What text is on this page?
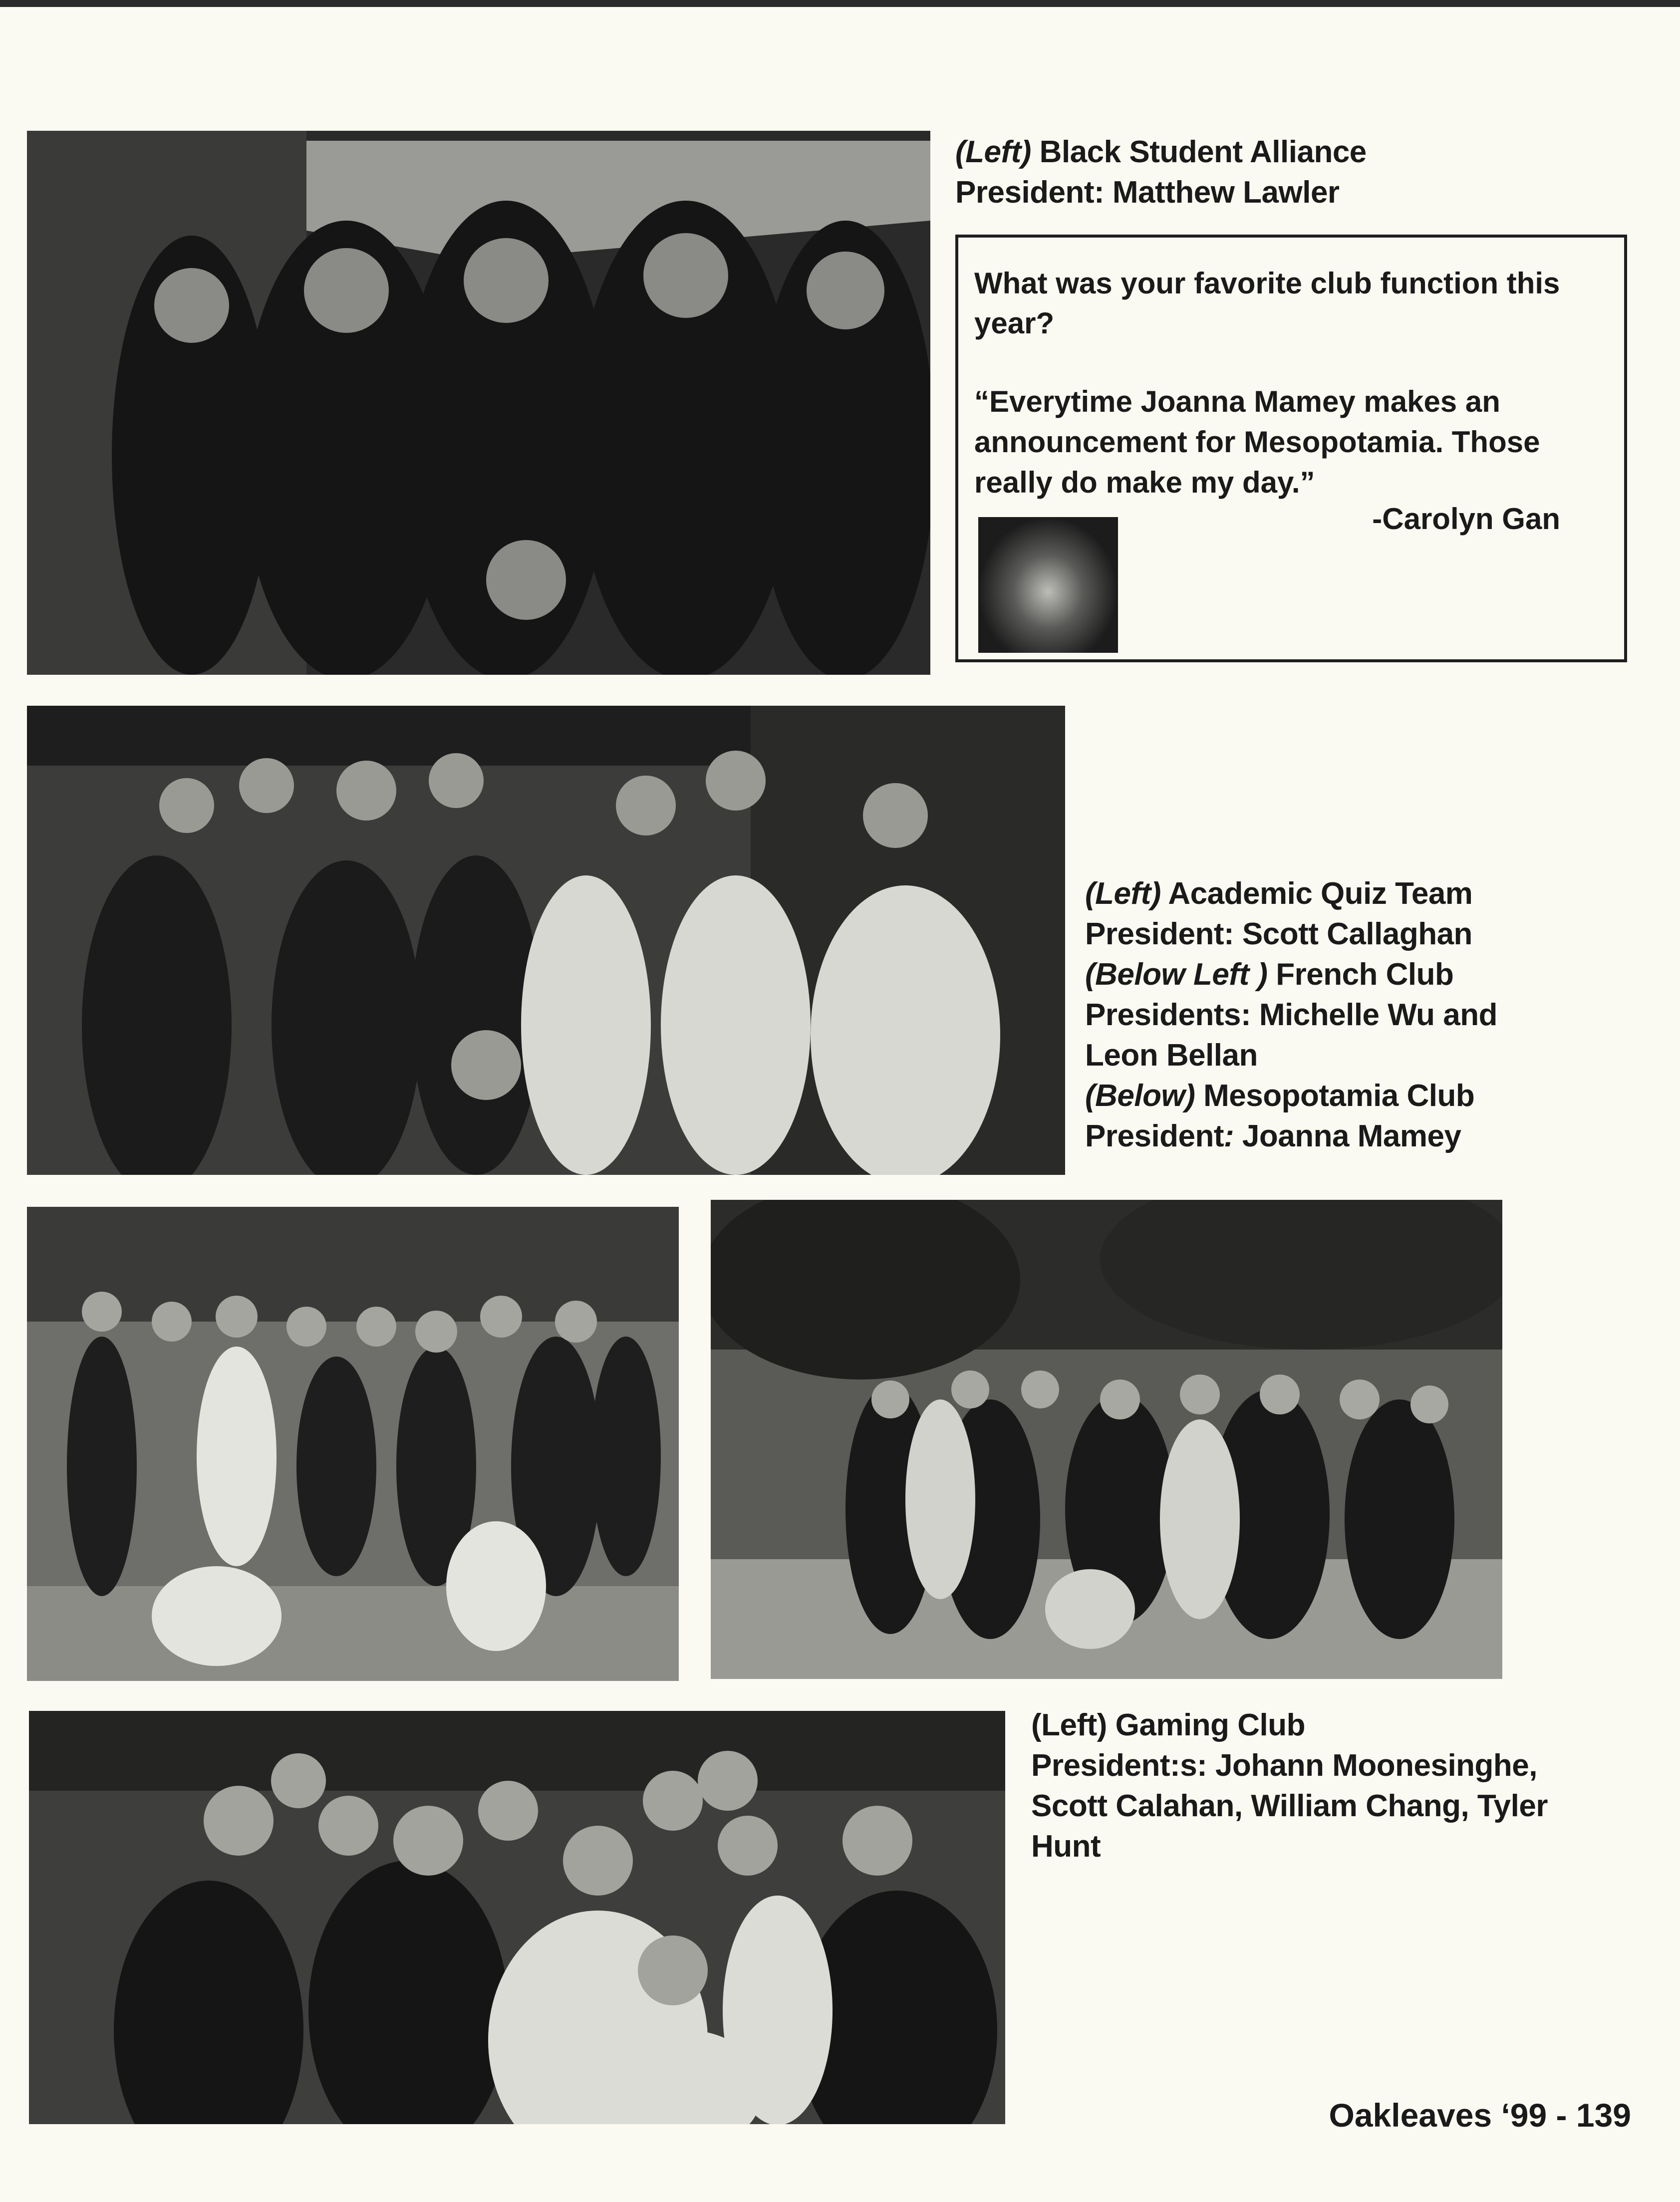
(Left) Black Student Alliance
President: Matthew Lawler
What was your favorite club function this
year?
“Everytime Joanna Mamey makes an
announcement for Mesopotamia. Those
really do make my day.”
-Carolyn Gan
(Left) Academic Quiz Team
President: Scott Callaghan
(Below Left ) French Club
Presidents: Michelle Wu and
Leon Bellan
(Below) Mesopotamia Club
President: Joanna Mamey
(Left) Gaming Club
President:s: Johann Moonesinghe,
Scott Calahan, William Chang, Tyler
Hunt
Oakleaves ‘99 - 139
